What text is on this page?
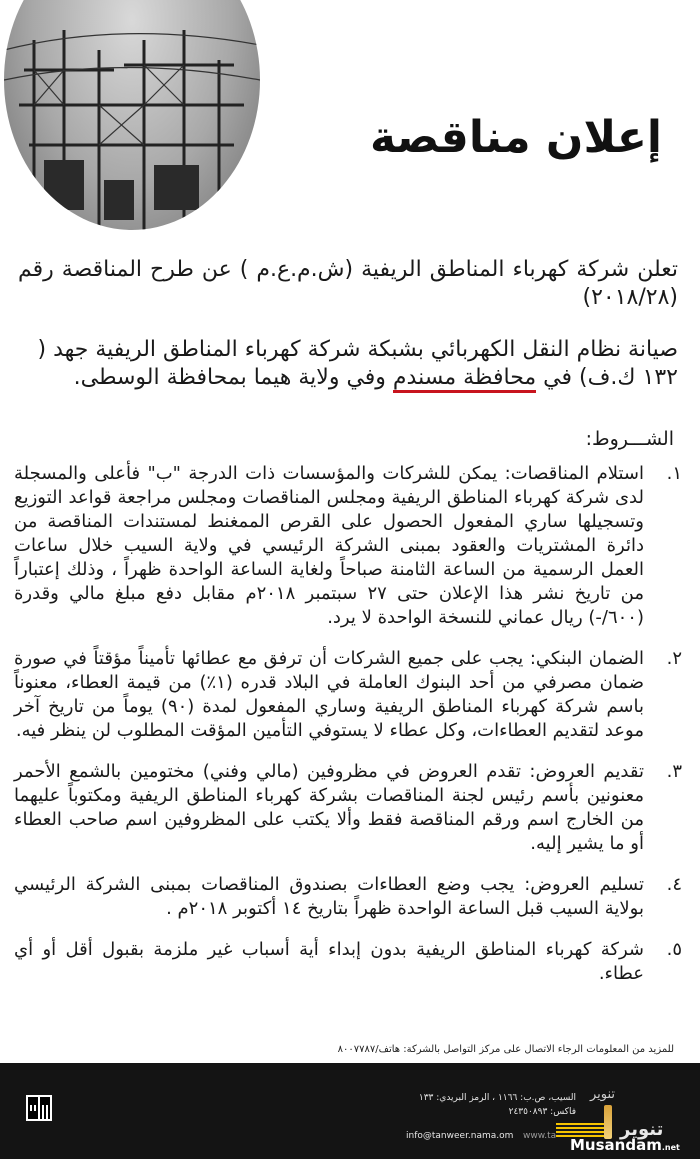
إعلان مناقصة

تعلن شركة كهرباء المناطق الريفية (ش.م.ع.م ) عن طرح المناقصة رقم (٢٠١٨/٢٨)

صيانة نظام النقل الكهربائي بشبكة شركة كهرباء المناطق الريفية جهد ( ١٣٢ ك.ف) في محافظة مسندم وفي ولاية هيما بمحافظة الوسطى.

الشـــروط:
١.
استلام المناقصات: يمكن للشركات والمؤسسات ذات الدرجة "ب" فأعلى والمسجلة لدى شركة كهرباء المناطق الريفية ومجلس المناقصات ومجلس مراجعة قواعد التوزيع وتسجيلها ساري المفعول الحصول على القرص الممغنط لمستندات المناقصة من دائرة المشتريات والعقود بمبنى الشركة الرئيسي في ولاية السيب خلال ساعات العمل الرسمية من الساعة الثامنة صباحاً ولغاية الساعة الواحدة ظهراً ، وذلك إعتباراً من تاريخ نشر هذا الإعلان حتى ٢٧ سبتمبر ٢٠١٨م مقابل دفع مبلغ مالي وقدرة (٦٠٠/-) ريال عماني للنسخة الواحدة لا يرد.
٢.
الضمان البنكي: يجب على جميع الشركات أن ترفق مع عطائها تأميناً مؤقتاً في صورة ضمان مصرفي من أحد البنوك العاملة في البلاد قدره (١٪) من قيمة العطاء، معنوناً باسم شركة كهرباء المناطق الريفية وساري المفعول لمدة (٩٠) يوماً من تاريخ آخر موعد لتقديم العطاءات، وكل عطاء لا يستوفي التأمين المؤقت المطلوب لن ينظر فيه.
٣.
تقديم العروض: تقدم العروض في مظروفين (مالي وفني) مختومين بالشمع الأحمر معنونين بأسم رئيس لجنة المناقصات بشركة كهرباء المناطق الريفية ومكتوباً عليهما من الخارج اسم ورقم المناقصة فقط وألا يكتب على المظروفين اسم صاحب العطاء أو ما يشير إليه.
٤.
تسليم العروض: يجب وضع العطاءات بصندوق المناقصات بمبنى الشركة الرئيسي بولاية السيب قبل الساعة الواحدة ظهراً بتاريخ ١٤ أكتوبر ٢٠١٨م .
٥.
شركة كهرباء المناطق الريفية بدون إبداء أية أسباب غير ملزمة بقبول أقل أو أي عطاء.
للمزيد من المعلومات الرجاء الاتصال على مركز التواصل بالشركة: هاتف/٨٠٠٧٧٨٧
السيب، ص.ب: ١١٦٦ ، الرمز البريدي: ١٣٣ فاكس: ٢٤٣٥٠٨٩٣
info@tanweer.nama.om www.ta
تنوير
تنوير
Musandam.net
